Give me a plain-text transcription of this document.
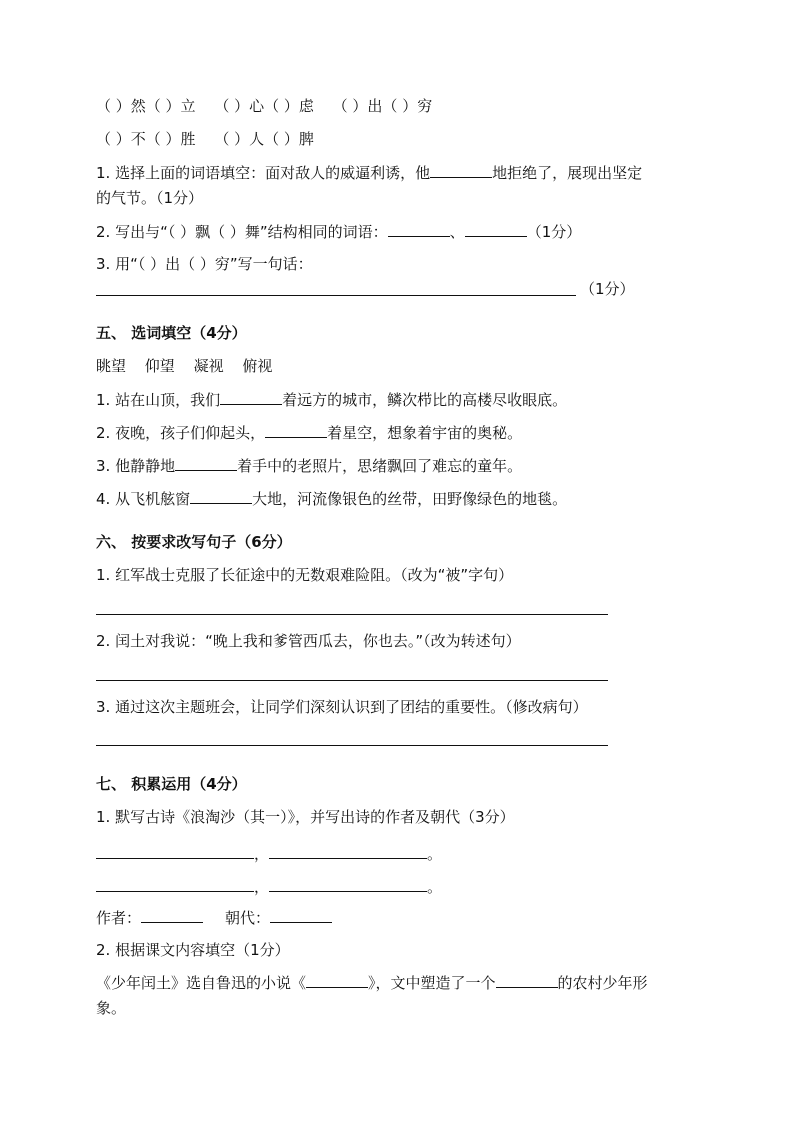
（ ）然（ ）立 （ ）心（ ）虑 （ ）出（ ）穷
（ ）不（ ）胜 （ ）人（ ）脾
1. 选择上面的词语填空：面对敌人的威逼利诱，他	地拒绝了，展现出坚定
的气节。（1分）
2. 写出与“（ ）飘（ ）舞”结构相同的词语：	、	（1分）
3. 用“（ ）出（ ）穷”写一句话：
（1分）
五、 选词填空（4分）
眺望 仰望 凝视 俯视
1. 站在山顶，我们	着远方的城市，鳞次栉比的高楼尽收眼底。
2. 夜晚，孩子们仰起头，	着星空，想象着宇宙的奥秘。
3. 他静静地	着手中的老照片，思绪飘回了难忘的童年。
4. 从飞机舷窗	大地，河流像银色的丝带，田野像绿色的地毯。
六、 按要求改写句子（6分）
1. 红军战士克服了长征途中的无数艰难险阻。（改为“被”字句）
2. 闰土对我说：“晚上我和爹管西瓜去，你也去。”（改为转述句）
3. 通过这次主题班会，让同学们深刻认识到了团结的重要性。（修改病句）
七、 积累运用（4分）
1. 默写古诗《浪淘沙（其一）》，并写出诗的作者及朝代（3分）
，	。
，	。
作者：	朝代：
2. 根据课文内容填空（1分）
《少年闰土》选自鲁迅的小说《	》，文中塑造了一个	的农村少年形
象。
